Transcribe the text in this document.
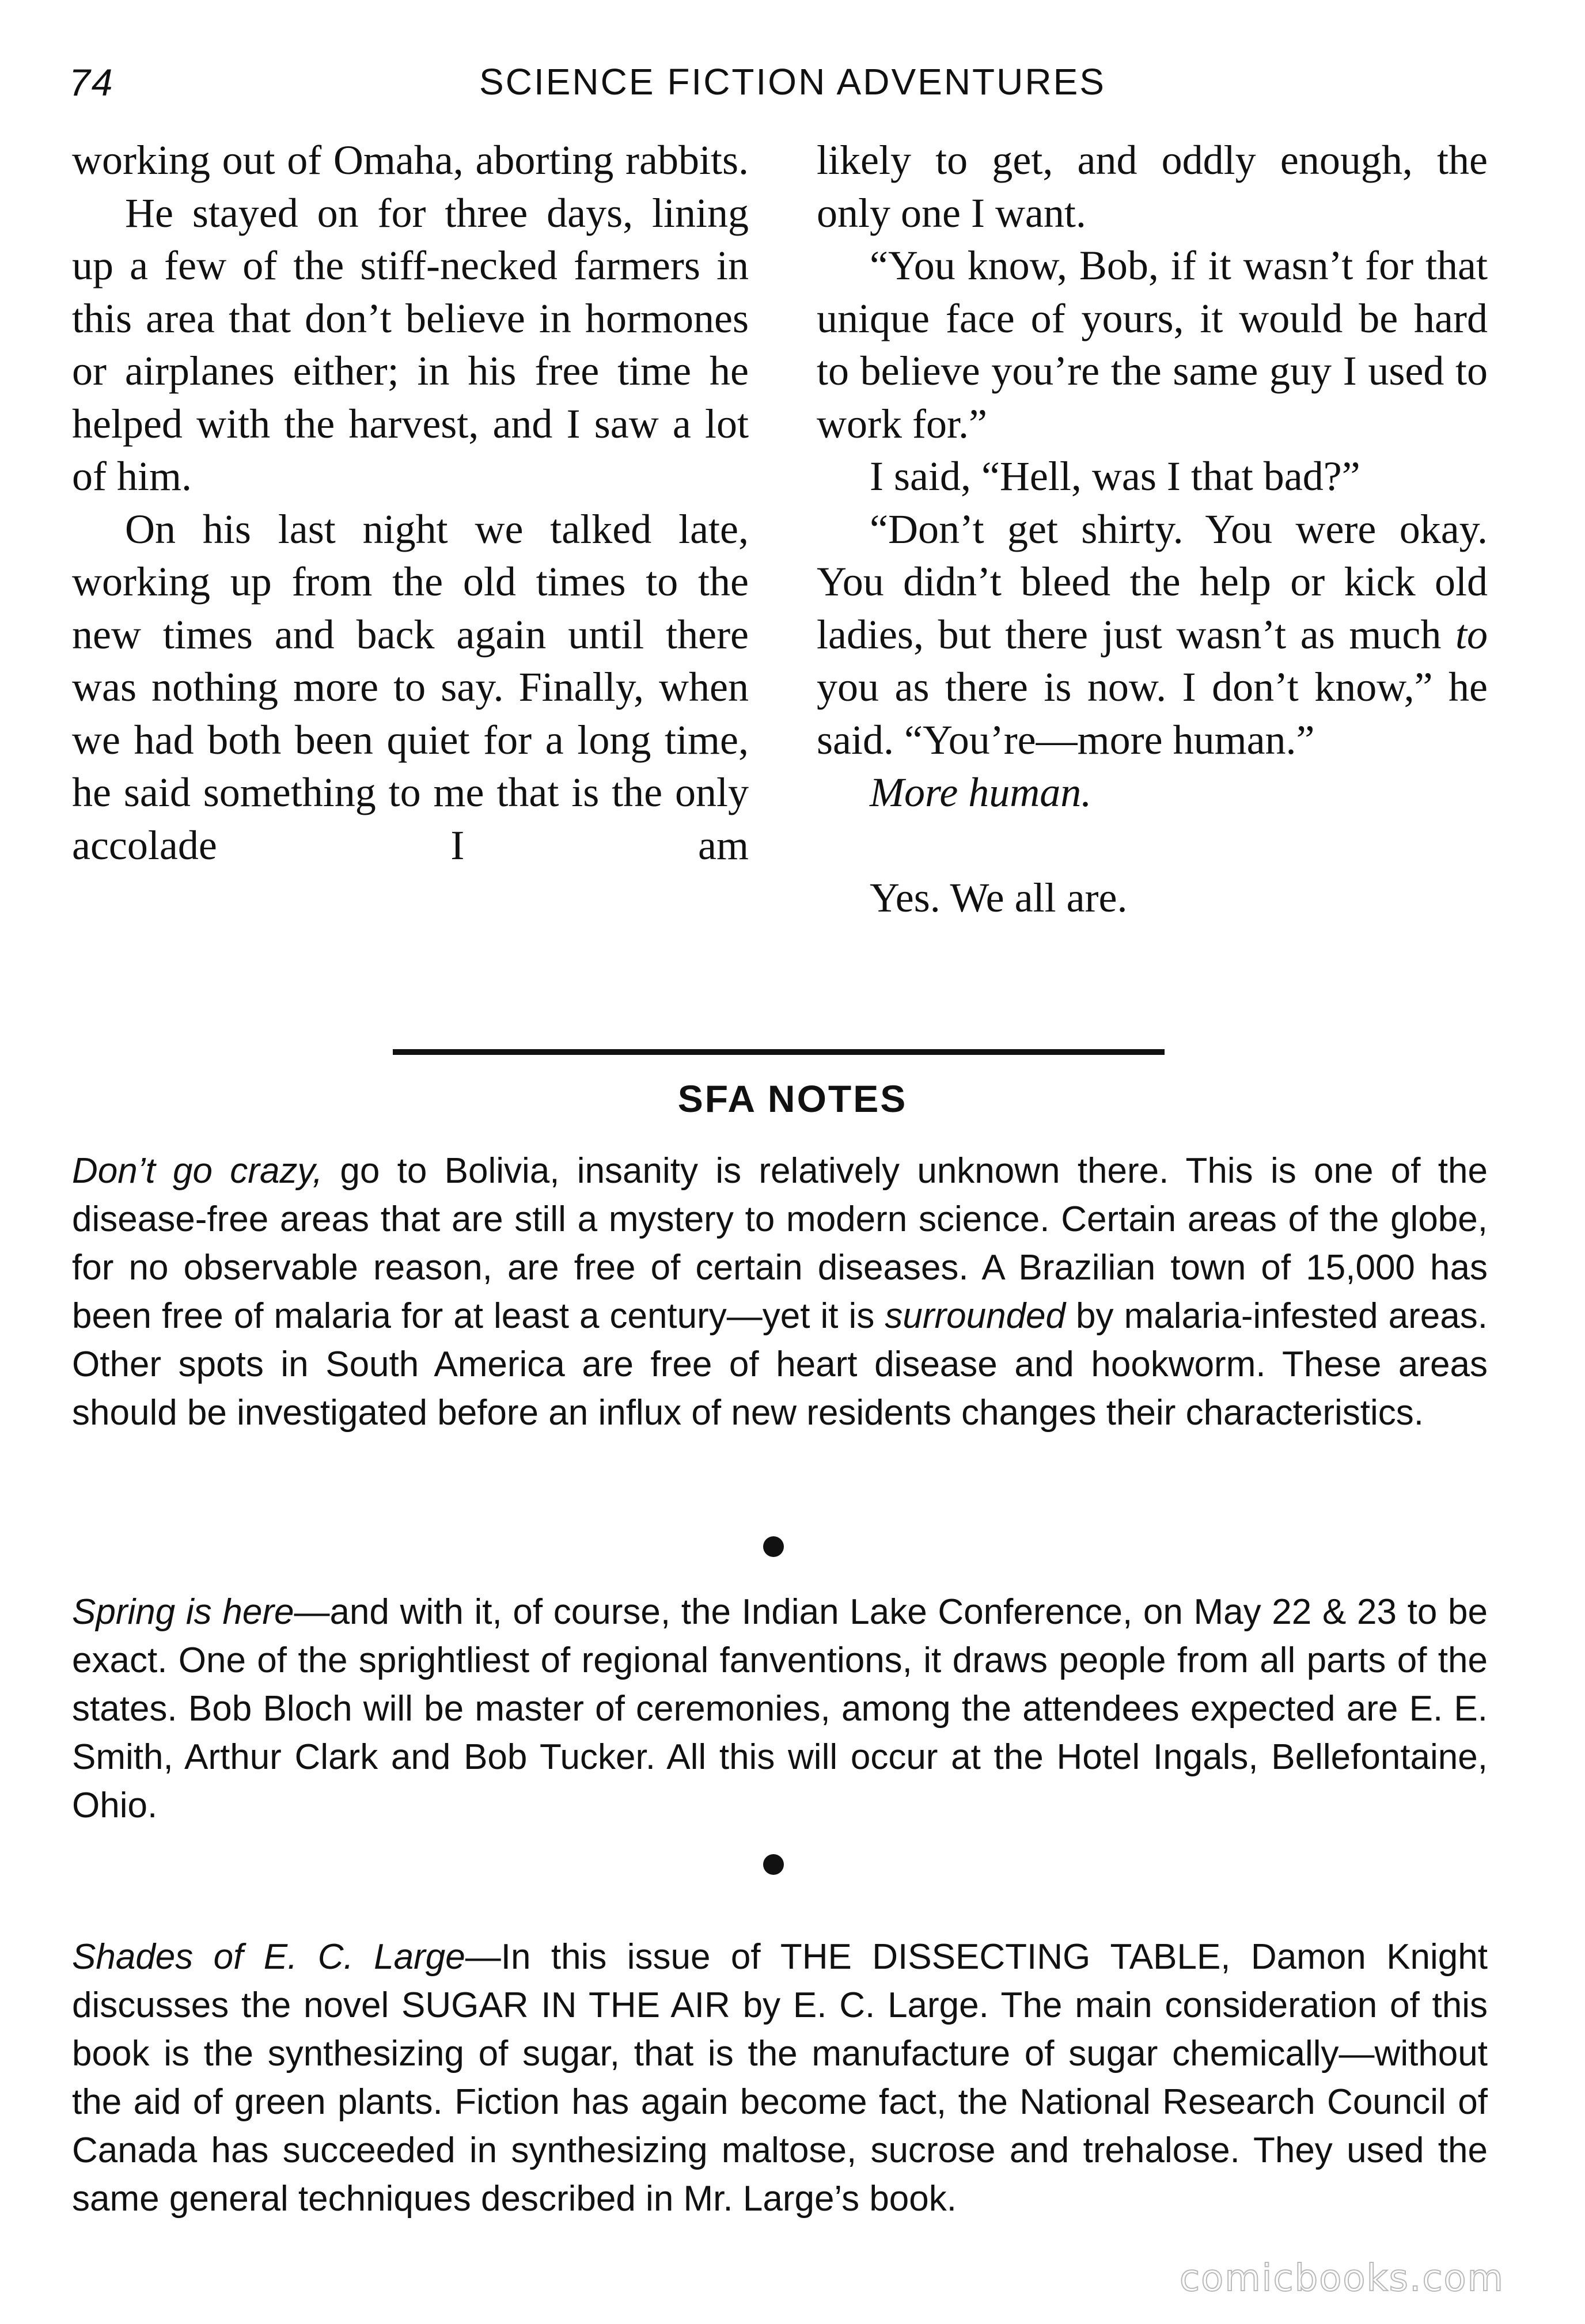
74	SCIENCE FICTION ADVENTURES

working out of Omaha, aborting rabbits.

He stayed on for three days, lining up a few of the stiff-necked farmers in this area that don’t believe in hormones or airplanes either; in his free time he helped with the harvest, and I saw a lot of him.

On his last night we talked late, working up from the old times to the new times and back again until there was nothing more to say. Finally, when we had both been quiet for a long time, he said something to me that is the only accolade I am

likely to get, and oddly enough, the only one I want.

“You know, Bob, if it wasn’t for that unique face of yours, it would be hard to believe you’re the same guy I used to work for.”

I said, “Hell, was I that bad?”

“Don’t get shirty. You were okay. You didn’t bleed the help or kick old ladies, but there just wasn’t as much to you as there is now. I don’t know,” he said. “You’re—more human.”

More human.

Yes. We all are.

SFA NOTES

Don’t go crazy, go to Bolivia, insanity is relatively unknown there. This is one of the disease-free areas that are still a mystery to modern science. Certain areas of the globe, for no observable reason, are free of certain diseases. A Brazilian town of 15,000 has been free of malaria for at least a century—yet it is surrounded by malaria-infested areas. Other spots in South America are free of heart disease and hookworm. These areas should be investigated before an influx of new residents changes their characteristics.

Spring is here—and with it, of course, the Indian Lake Conference, on May 22 & 23 to be exact. One of the sprightliest of regional fanventions, it draws people from all parts of the states. Bob Bloch will be master of ceremonies, among the attendees expected are E. E. Smith, Arthur Clark and Bob Tucker. All this will occur at the Hotel Ingals, Bellefontaine, Ohio.

Shades of E. C. Large—In this issue of THE DISSECTING TABLE, Damon Knight discusses the novel SUGAR IN THE AIR by E. C. Large. The main consideration of this book is the synthesizing of sugar, that is the manufacture of sugar chemically—without the aid of green plants. Fiction has again become fact, the National Research Council of Canada has succeeded in synthesizing maltose, sucrose and trehalose. They used the same general techniques described in Mr. Large’s book.

comicbooks.com
